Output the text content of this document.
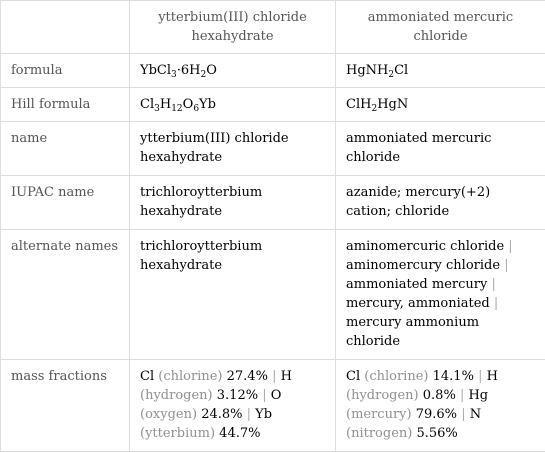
	ytterbium(III) chloride hexahydrate	ammoniated mercuric chloride
formula	$YbCl_3\cdot 6H_2O$	HgNH$_2$Cl
Hill formula	$Cl_3H_{12}O_6Yb$	ClH$_2$HgN
name	ytterbium(III) chloride hexahydrate	ammoniated mercuric chloride
IUPAC name	trichloroytterbium hexahydrate	azanide; mercury(+2) cation; chloride
alternate names	trichloroytterbium hexahydrate	aminomercuric chloride | aminomercury chloride | ammoniated mercury | mercury, ammoniated | mercury ammonium chloride
mass fractions	Cl (chlorine) 27.4% | H (hydrogen) 3.12% | O (oxygen) 24.8% | Yb (ytterbium) 44.7%	Cl (chlorine) 14.1% | H (hydrogen) 0.8% | Hg (mercury) 79.6% | N (nitrogen) 5.56%
